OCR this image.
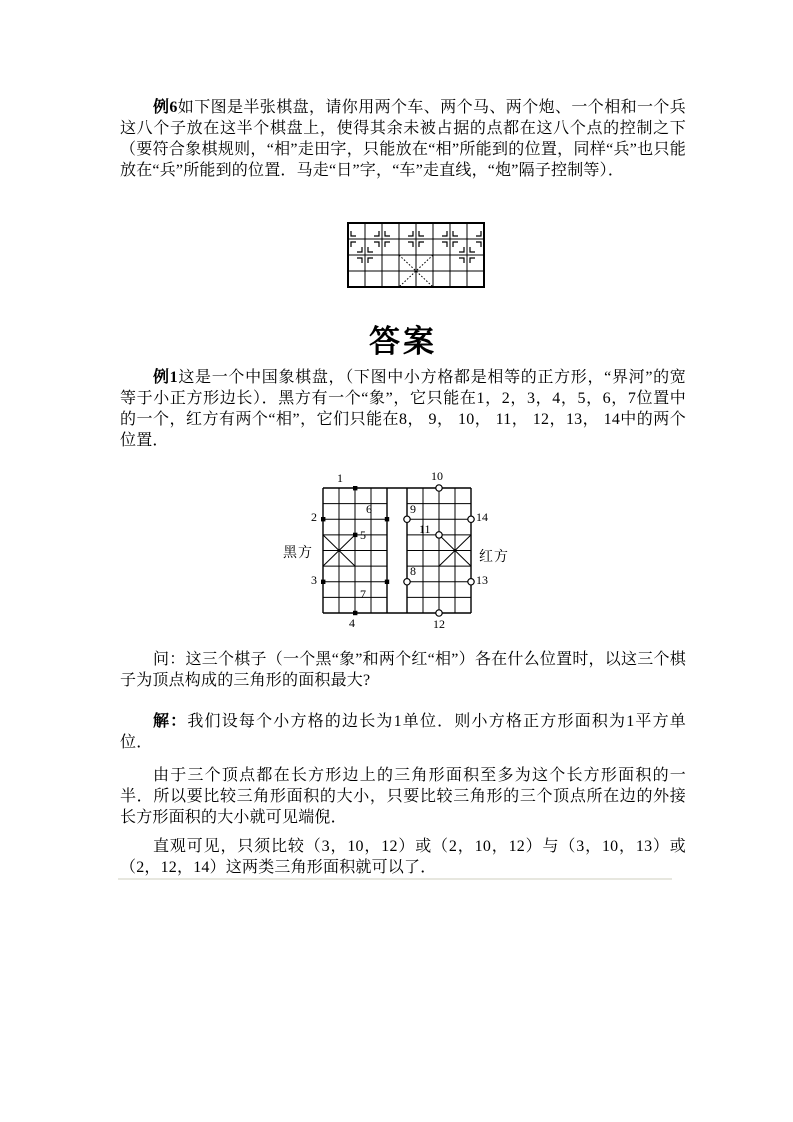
例6如下图是半张棋盘，请你用两个车、两个马、两个炮、一个相和一个兵这八个子放在这半个棋盘上，使得其余未被占据的点都在这八个点的控制之下（要符合象棋规则，“相”走田字，只能放在“相”所能到的位置，同样“兵”也只能放在“兵”所能到的位置．马走“日”字，“车”走直线，“炮”隔子控制等）．
答案
例1这是一个中国象棋盘，（下图中小方格都是相等的正方形，“界河”的宽等于小正方形边长）．黑方有一个“象”，它只能在1，2，3，4，5，6，7位置中的一个，红方有两个“相”，它们只能在8， 9， 10， 11， 12，13， 14中的两个位置．
1
2
3
4
5
6
7
8
9
10
11
12
13
14
黑方	红方
问：这三个棋子（一个黑“象”和两个红“相”）各在什么位置时，以这三个棋子为顶点构成的三角形的面积最大?
解：我们设每个小方格的边长为1单位．则小方格正方形面积为1平方单位．
由于三个顶点都在长方形边上的三角形面积至多为这个长方形面积的一半．所以要比较三角形面积的大小，只要比较三角形的三个顶点所在边的外接长方形面积的大小就可见端倪．
直观可见，只须比较（3，10，12）或（2，10，12）与（3，10，13）或（2，12，14）这两类三角形面积就可以了．
